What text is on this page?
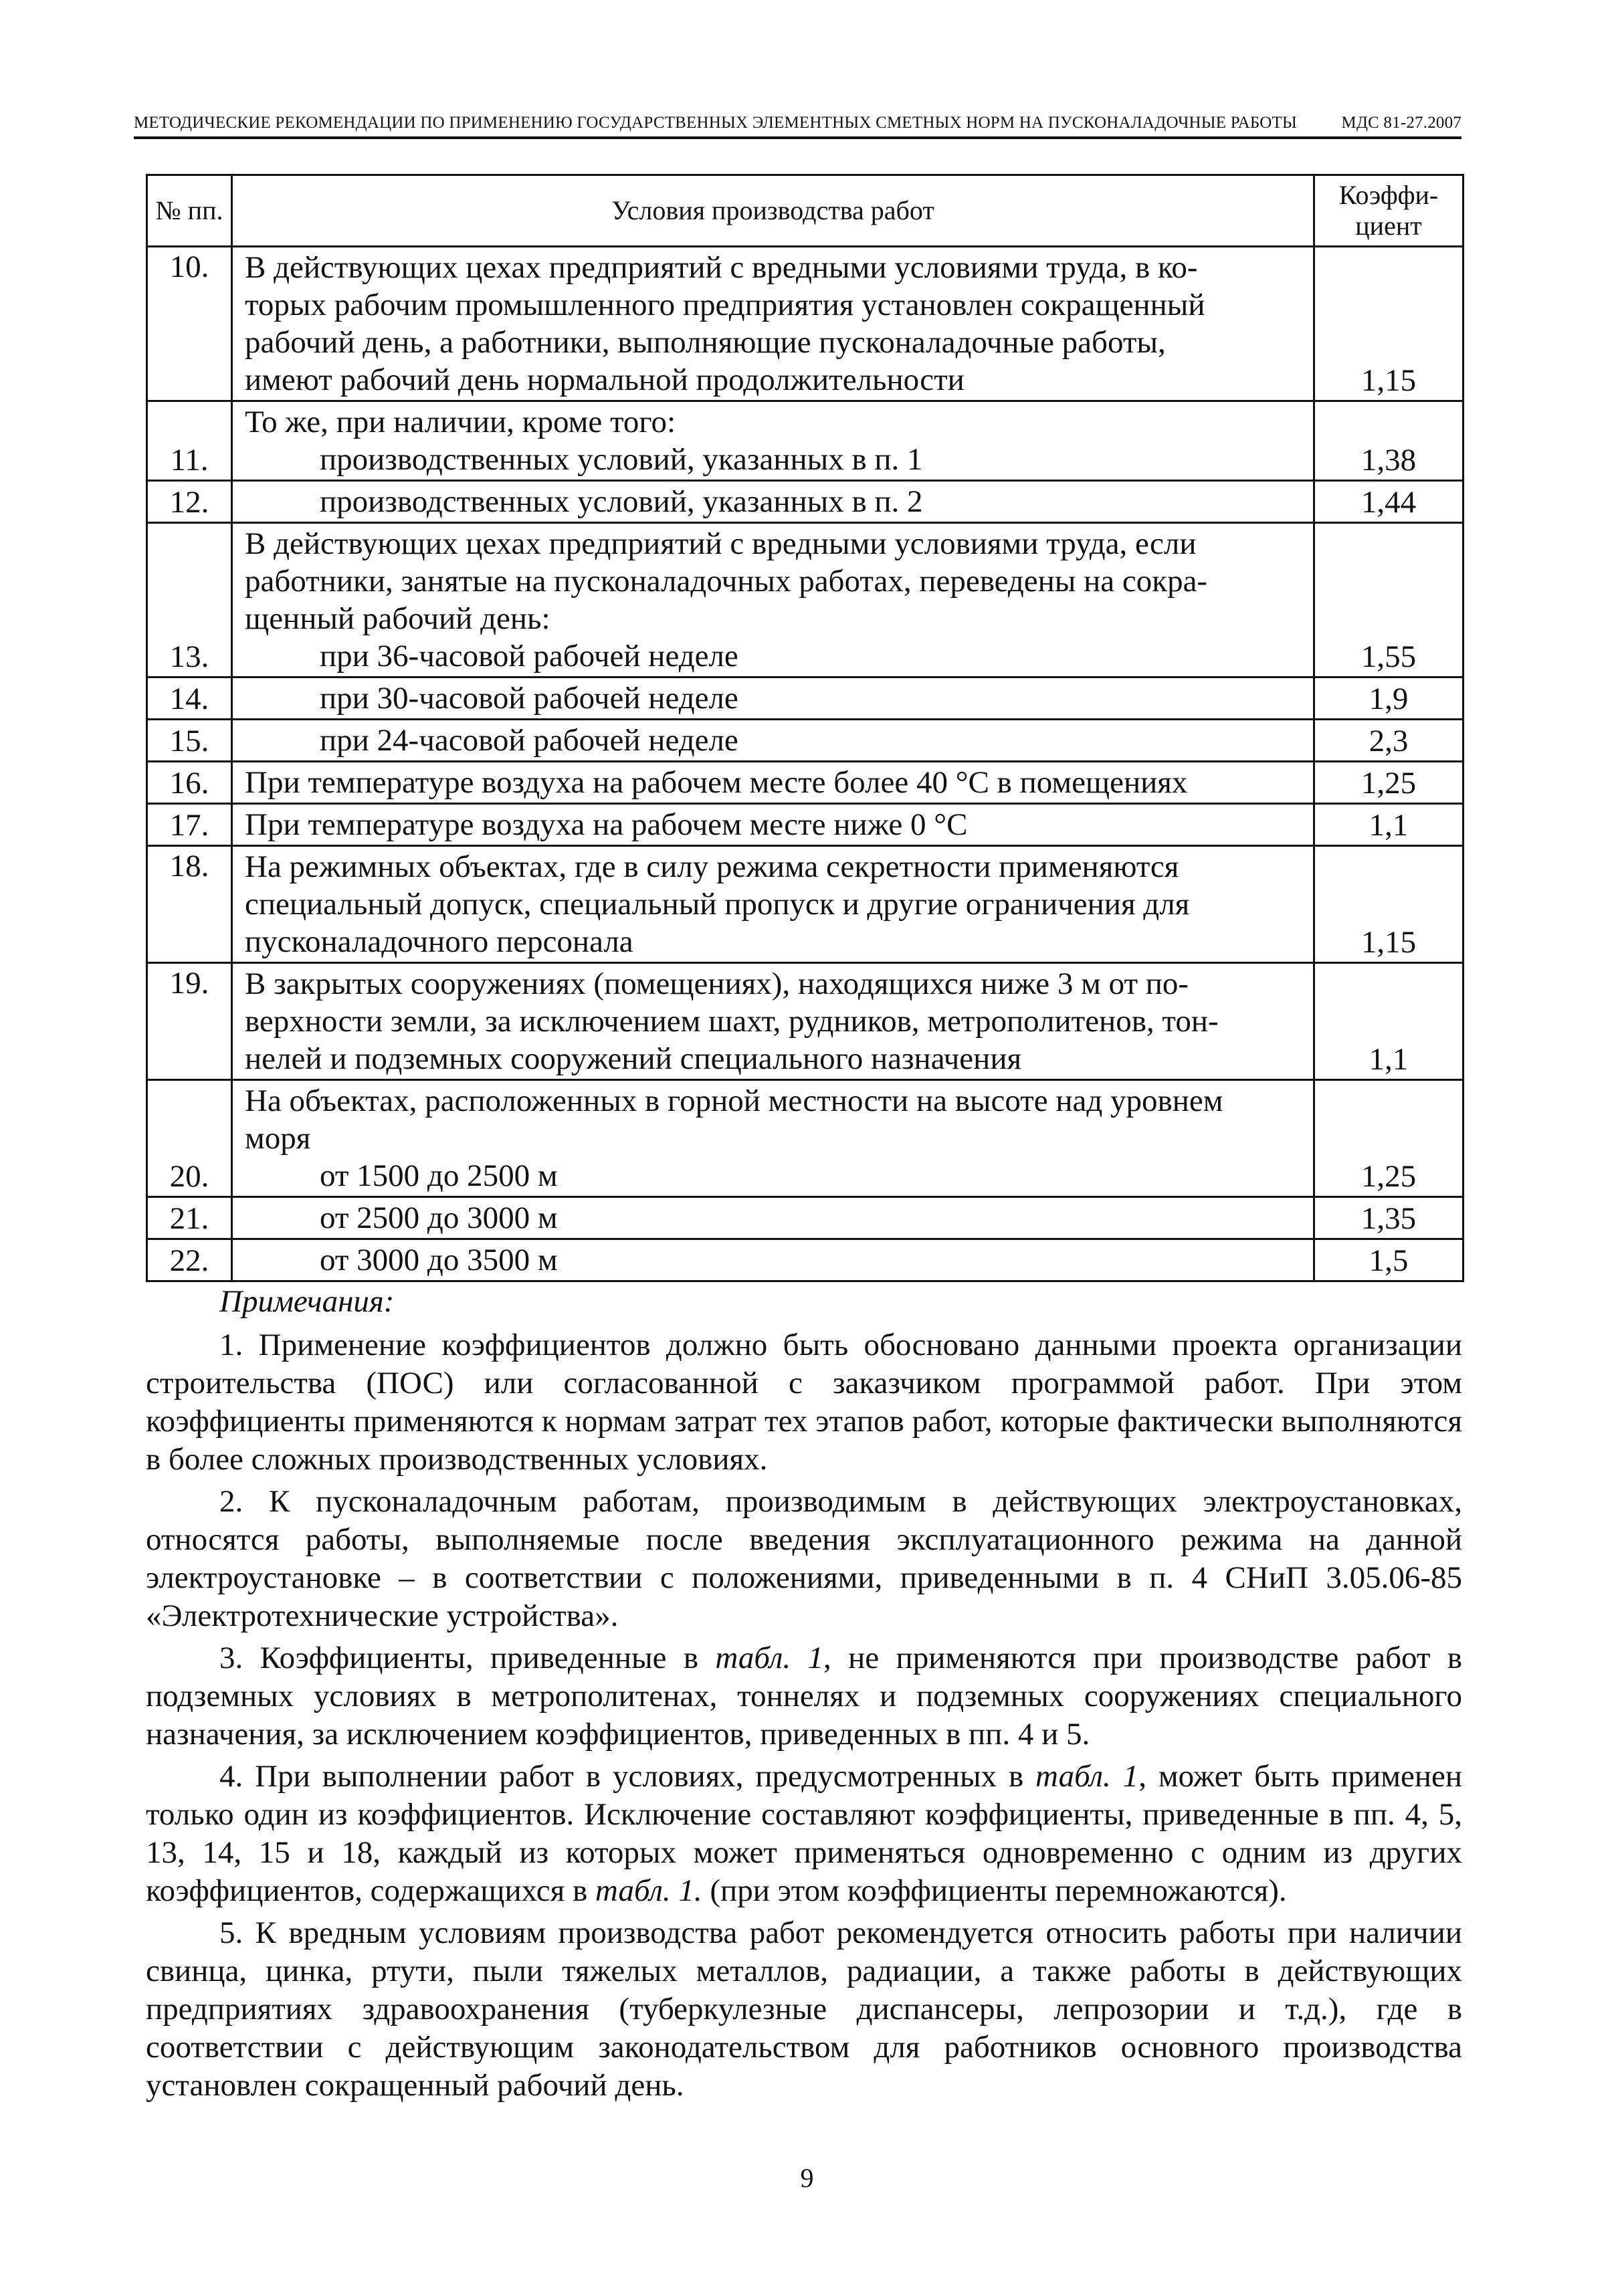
МЕТОДИЧЕСКИЕ РЕКОМЕНДАЦИИ ПО ПРИМЕНЕНИЮ ГОСУДАРСТВЕННЫХ ЭЛЕМЕНТНЫХ СМЕТНЫХ НОРМ НА ПУСКОНАЛАДОЧНЫЕ РАБОТЫ	МДС 81-27.2007
№ пп.	Условия производства работ	Коэффи-циент
10.	В действующих цехах предприятий с вредными условиями труда, в ко-
торых рабочим промышленного предприятия установлен сокращенный
рабочий день, а работники, выполняющие пусконаладочные работы,
имеют рабочий день нормальной продолжительности	1,15
11.	То же, при наличии, кроме того:
производственных условий, указанных в п. 1	1,38
12.	производственных условий, указанных в п. 2	1,44
13.	В действующих цехах предприятий с вредными условиями труда, если
работники, занятые на пусконаладочных работах, переведены на сокра-
щенный рабочий день:
при 36-часовой рабочей неделе	1,55
14.	при 30-часовой рабочей неделе	1,9
15.	при 24-часовой рабочей неделе	2,3
16.	При температуре воздуха на рабочем месте более 40 °С в помещениях	1,25
17.	При температуре воздуха на рабочем месте ниже 0 °С	1,1
18.	На режимных объектах, где в силу режима секретности применяются
специальный допуск, специальный пропуск и другие ограничения для
пусконаладочного персонала	1,15
19.	В закрытых сооружениях (помещениях), находящихся ниже 3 м от по-
верхности земли, за исключением шахт, рудников, метрополитенов, тон-
нелей и подземных сооружений специального назначения	1,1
20.	На объектах, расположенных в горной местности на высоте над уровнем
моря
от 1500 до 2500 м	1,25
21.	от 2500 до 3000 м	1,35
22.	от 3000 до 3500 м	1,5
Примечания:

1. Применение коэффициентов должно быть обосновано данными проекта организации строительства (ПОС) или согласованной с заказчиком программой работ. При этом коэффициенты применяются к нормам затрат тех этапов работ, которые фактически выполняются в более сложных производственных условиях.

2. К пусконаладочным работам, производимым в действующих электроустановках, относятся работы, выполняемые после введения эксплуатационного режима на данной электроустановке – в соответствии с положениями, приведенными в п. 4 СНиП 3.05.06-85 «Электротехнические устройства».

3. Коэффициенты, приведенные в табл. 1, не применяются при производстве работ в подземных условиях в метрополитенах, тоннелях и подземных сооружениях специального назначения, за исключением коэффициентов, приведенных в пп. 4 и 5.

4. При выполнении работ в условиях, предусмотренных в табл. 1, может быть применен только один из коэффициентов. Исключение составляют коэффициенты, приведенные в пп. 4, 5, 13, 14, 15 и 18, каждый из которых может применяться одновременно с одним из других коэффициентов, содержащихся в табл. 1. (при этом коэффициенты перемножаются).

5. К вредным условиям производства работ рекомендуется относить работы при наличии свинца, цинка, ртути, пыли тяжелых металлов, радиации, а также работы в действующих предприятиях здравоохранения (туберкулезные диспансеры, лепрозории и т.д.), где в соответствии с действующим законодательством для работников основного производства установлен сокращенный рабочий день.

9
